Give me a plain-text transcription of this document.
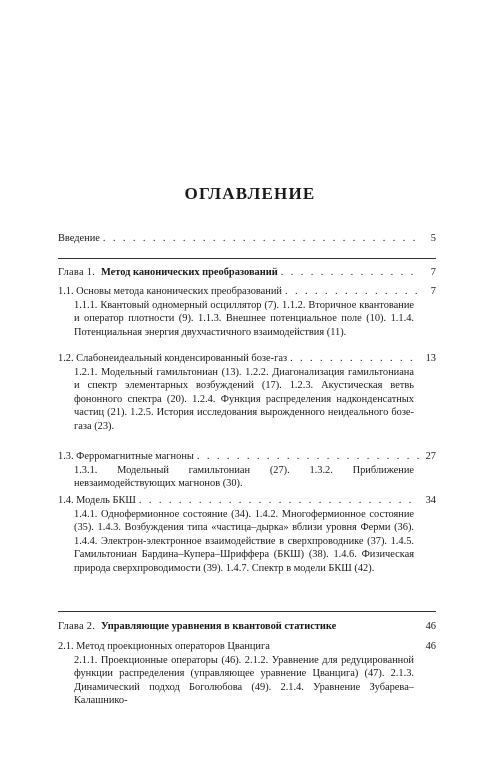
ОГЛАВЛЕНИЕ
Введение . . .	5
Глава 1. Метод канонических преобразований . . .	7
1.1. Основы метода канонических преобразований . . .	7
1.1.1. Квантовый одномерный осциллятор (7). 1.1.2. Вторичное квантование и оператор плотности (9). 1.1.3. Внешнее потенциальное поле (10). 1.1.4. Потенциальная энергия двухчастичного взаимодействия (11).
1.2. Слабонеидеальный конденсированный бозе-газ . . .	13
1.2.1. Модельный гамильтониан (13). 1.2.2. Диагонализация гамильтониана и спектр элементарных возбуждений (17). 1.2.3. Акустическая ветвь фононного спектра (20). 1.2.4. Функция распределения надконденсатных частиц (21). 1.2.5. История исследования вырожденного неидеального бозе-газа (23).
1.3. Ферромагнитные магноны . . .	27
1.3.1. Модельный гамильтониан (27). 1.3.2. Приближение невзаимодействующих магнонов (30).
1.4. Модель БКШ . . .	34
1.4.1. Однофермионное состояние (34). 1.4.2. Многофермионное состояние (35). 1.4.3. Возбуждения типа «частица–дырка» вблизи уровня Ферми (36). 1.4.4. Электрон-электронное взаимодействие в сверхпроводнике (37). 1.4.5. Гамильтониан Бардина–Купера–Шриффера (БКШ) (38). 1.4.6. Физическая природа сверхпроводимости (39). 1.4.7. Спектр в модели БКШ (42).
Глава 2. Управляющие уравнения в квантовой статистике	46
2.1. Метод проекционных операторов Цванцига	46
2.1.1. Проекционные операторы (46). 2.1.2. Уравнение для редуцированной функции распределения (управляющее уравнение Цванцига) (47). 2.1.3. Динамический подход Боголюбова (49). 2.1.4. Уравнение Зубарева–Калашнико-
